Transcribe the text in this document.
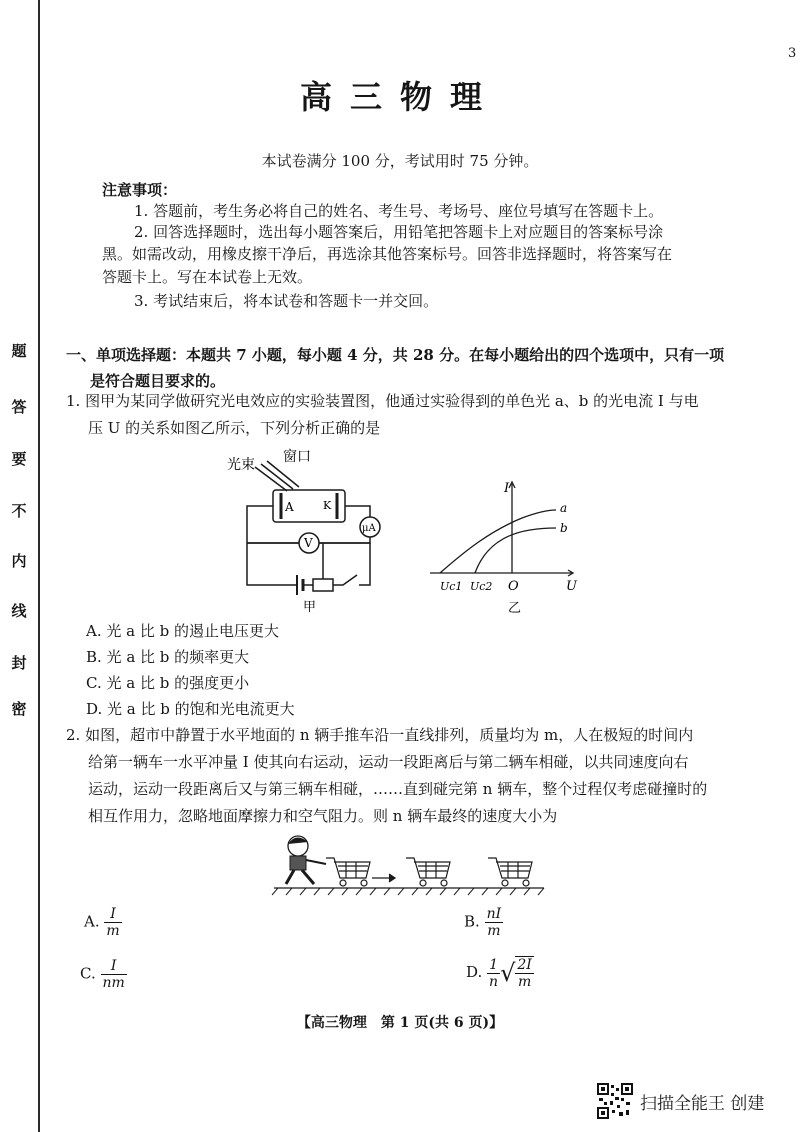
3
题
答
要
不
内
线
封
密
高三物理
本试卷满分 100 分，考试用时 75 分钟。
注意事项：
1. 答题前，考生务必将自己的姓名、考生号、考场号、座位号填写在答题卡上。
2. 回答选择题时，选出每小题答案后，用铅笔把答题卡上对应题目的答案标号涂
黑。如需改动，用橡皮擦干净后，再选涂其他答案标号。回答非选择题时，将答案写在
答题卡上。写在本试卷上无效。
3. 考试结束后，将本试卷和答题卡一并交回。
一、单项选择题：本题共 7 小题，每小题 4 分，共 28 分。在每小题给出的四个选项中，只有一项
是符合题目要求的。
1. 图甲为某同学做研究光电效应的实验装置图，他通过实验得到的单色光 a、b 的光电流 I 与电
压 U 的关系如图乙所示，下列分析正确的是
光束 窗口
A	K
V
μA
甲
I
U
O
a
b
Uc1 Uc2
乙
A. 光 a 比 b 的遏止电压更大
B. 光 a 比 b 的频率更大
C. 光 a 比 b 的强度更小
D. 光 a 比 b 的饱和光电流更大
2. 如图，超市中静置于水平地面的 n 辆手推车沿一直线排列，质量均为 m，人在极短的时间内
给第一辆车一水平冲量 I 使其向右运动，运动一段距离后与第二辆车相碰，以共同速度向右
运动，运动一段距离后又与第三辆车相碰，……直到碰完第 n 辆车，整个过程仅考虑碰撞时的
相互作用力，忽略地面摩擦力和空气阻力。则 n 辆车最终的速度大小为
A. $\frac{I}{m}$	B. $\frac{nI}{m}$
C. $\frac{I}{nm}$	D. $\frac{1}{n}$ √ $\frac{2I}{m}$
【高三物理　第 1 页(共 6 页)】
扫描全能王 创建
